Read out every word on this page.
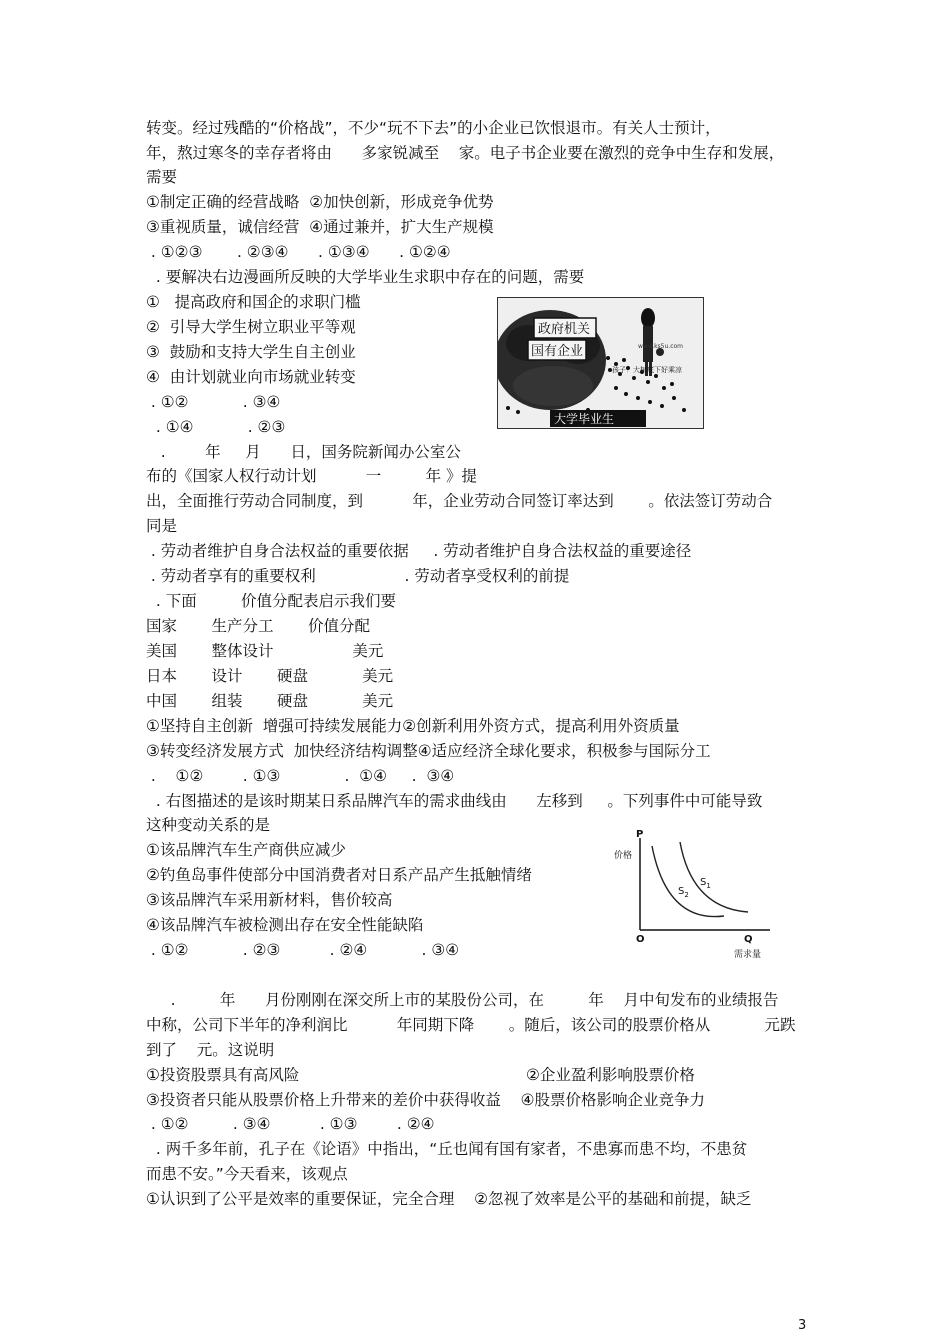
转变。经过残酷的“价格战”，不少“玩不下去”的小企业已饮恨退市。有关人士预计，
年，熬过寒冬的幸存者将由      多家锐减至    家。电子书企业要在激烈的竞争中生存和发展，
需要
①制定正确的经营战略  ②加快创新，形成竞争优势
③重视质量，诚信经营  ④通过兼并，扩大生产规模
. ①②③       . ②③④      . ①③④      . ①②④
. 要解决右边漫画所反映的大学毕业生求职中存在的问题，需要
①   提高政府和国企的求职门槛
②  引导大学生树立职业平等观
③  鼓励和支持大学生自主创业
④  由计划就业向市场就业转变
. ①②           . ③④
. ①④           . ②③
.        年     月      日，国务院新闻办公室公
布的《国家人权行动计划          一         年 》提
出，全面推行劳动合同制度，到          年，企业劳动合同签订率达到       。依法签订劳动合
同是
. 劳动者维护自身合法权益的重要依据     . 劳动者维护自身合法权益的重要途径
. 劳动者享有的重要权利                  . 劳动者享受权利的前提
. 下面         价值分配表启示我们要
国家       生产分工       价值分配
美国       整体设计                美元
日本       设计       硬盘           美元
中国       组装       硬盘           美元
①坚持自主创新  增强可持续发展能力②创新利用外资方式，提高利用外资质量
③转变经济发展方式  加快经济结构调整④适应经济全球化要求，积极参与国际分工
.    ①②        . ①③             .  ①④     .  ③④
. 右图描述的是该时期某日系品牌汽车的需求曲线由      左移到     。下列事件中可能导致
这种变动关系的是
①该品牌汽车生产商供应减少
②钓鱼岛事件使部分中国消费者对日系产品产生抵触情绪
③该品牌汽车采用新材料，售价较高
④该品牌汽车被检测出存在安全性能缺陷
. ①②           . ②③          . ②④           . ③④
.         年      月份刚刚在深交所上市的某股份公司，在         年    月中旬发布的业绩报告
中称，公司下半年的净利润比          年同期下降       。随后，该公司的股票价格从           元跌
到了    元。这说明
①投资股票具有高风险                                              ②企业盈利影响股票价格
③投资者只能从股票价格上升带来的差价中获得收益    ④股票价格影响企业竞争力
. ①②         . ③④          . ①③        . ②④
. 两千多年前，孔子在《论语》中指出，“丘也闻有国有家者，不患寡而患不均，不患贫
而患不安。”今天看来，该观点
①认识到了公平是效率的重要保证，完全合理    ②忽视了效率是公平的基础和前提，缺乏
政府机关
国有企业	www.ks5u.com
孩子！大树底下好乘凉
大学毕业生
P
价格
O	Q
需求量
$S_2$
$S_1$
3
